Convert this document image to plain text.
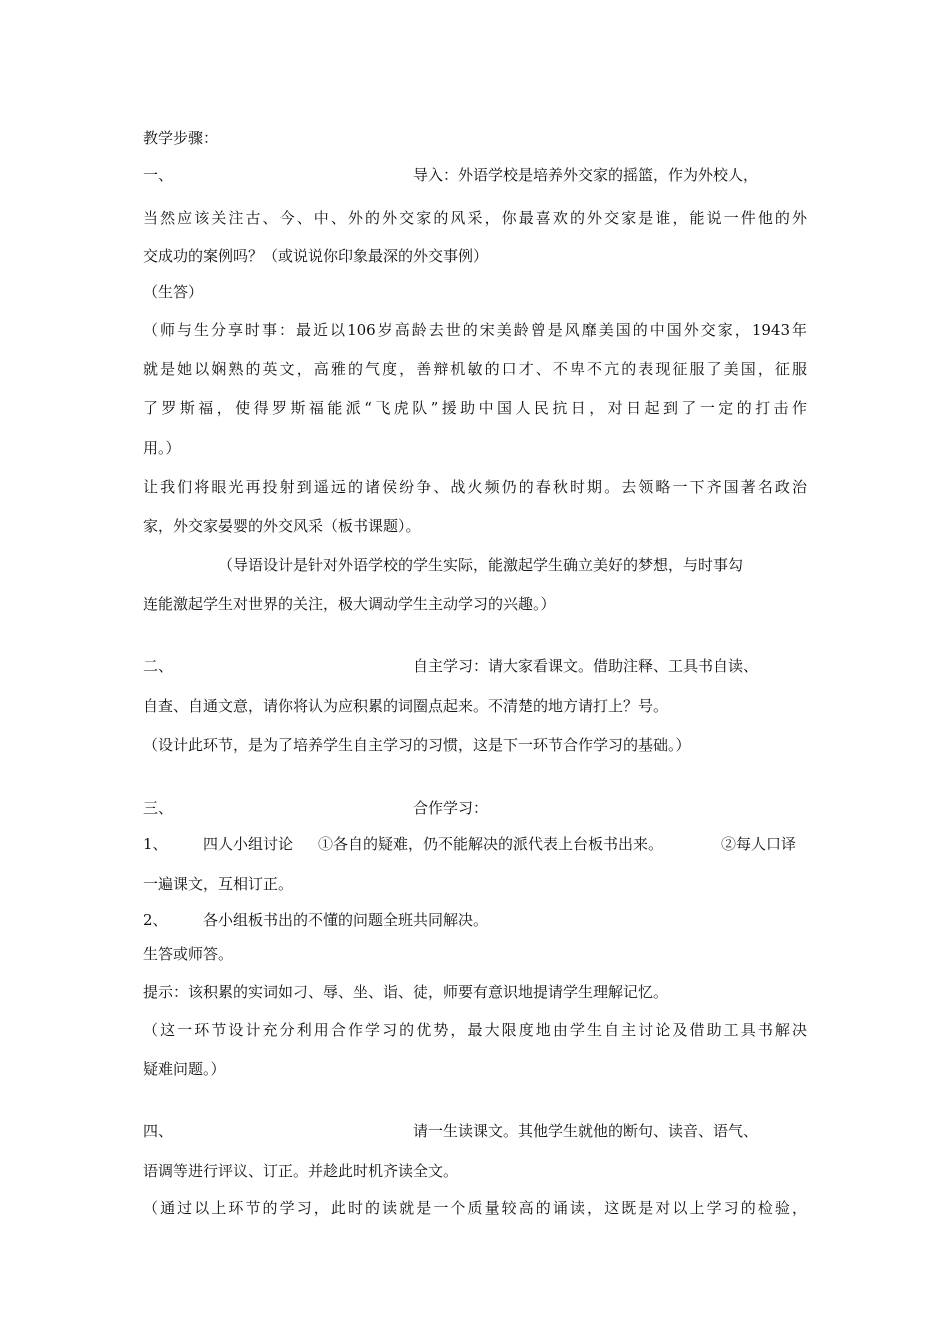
教学步骤：
一、	导入：外语学校是培养外交家的摇篮，作为外校人，
当然应该关注古、今、中、外的外交家的风采，你最喜欢的外交家是谁，能说一件他的外
交成功的案例吗？（或说说你印象最深的外交事例）
（生答）
（师与生分享时事：最近以106岁高龄去世的宋美龄曾是风靡美国的中国外交家，1943年
就是她以娴熟的英文，高雅的气度，善辩机敏的口才、不卑不亢的表现征服了美国，征服
了罗斯福，使得罗斯福能派“飞虎队”援助中国人民抗日，对日起到了一定的打击作
用。）
让我们将眼光再投射到遥远的诸侯纷争、战火频仍的春秋时期。去领略一下齐国著名政治
家，外交家晏婴的外交风采（板书课题）。
（导语设计是针对外语学校的学生实际，能激起学生确立美好的梦想，与时事勾
连能激起学生对世界的关注，极大调动学生主动学习的兴趣。）
二、	自主学习：请大家看课文。借助注释、工具书自读、
自查、自通文意，请你将认为应积累的词圈点起来。不清楚的地方请打上？号。
（设计此环节，是为了培养学生自主学习的习惯，这是下一环节合作学习的基础。）
三、	合作学习：
1、 四人小组讨论 ①各自的疑难，仍不能解决的派代表上台板书出来。	②每人口译
一遍课文，互相订正。
2、 各小组板书出的不懂的问题全班共同解决。
生答或师答。
提示：该积累的实词如刁、辱、坐、诣、徒，师要有意识地提请学生理解记忆。
（这一环节设计充分利用合作学习的优势，最大限度地由学生自主讨论及借助工具书解决
疑难问题。）
四、	请一生读课文。其他学生就他的断句、读音、语气、
语调等进行评议、订正。并趁此时机齐读全文。
（通过以上环节的学习，此时的读就是一个质量较高的诵读，这既是对以上学习的检验，
